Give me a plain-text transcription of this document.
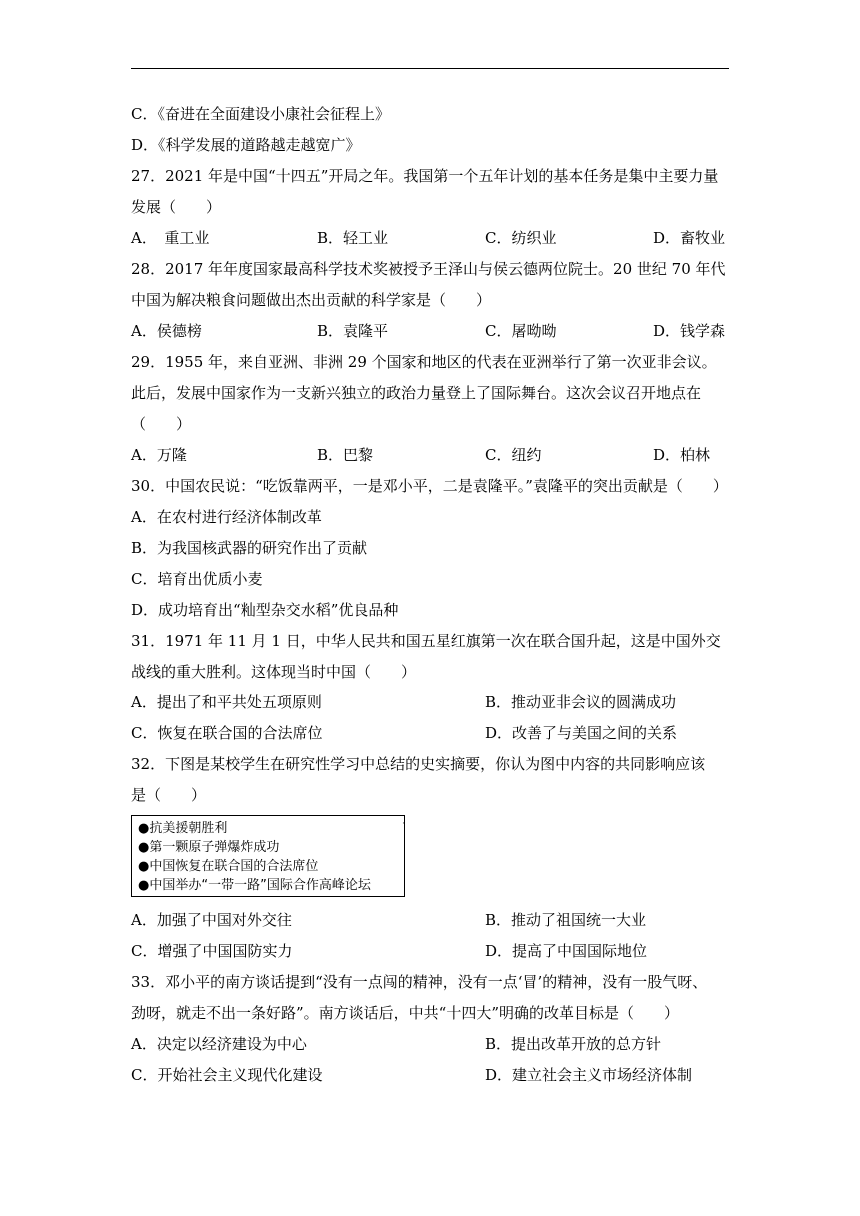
C．《奋进在全面建设小康社会征程上》
D．《科学发展的道路越走越宽广》
27．2021 年是中国“十四五”开局之年。我国第一个五年计划的基本任务是集中主要力量
发展（　　）
A．　重工业	B．轻工业	C．纺织业	D．畜牧业
28．2017 年年度国家最高科学技术奖被授予王泽山与侯云德两位院士。20 世纪 70 年代
中国为解决粮食问题做出杰出贡献的科学家是（　　）
A．侯德榜	B．袁隆平	C．屠呦呦	D．钱学森
29．1955 年，来自亚洲、非洲 29 个国家和地区的代表在亚洲举行了第一次亚非会议。
此后，发展中国家作为一支新兴独立的政治力量登上了国际舞台。这次会议召开地点在
（　　）
A．万隆	B．巴黎	C．纽约	D．柏林
30．中国农民说：“吃饭靠两平，一是邓小平，二是袁隆平。”袁隆平的突出贡献是（　　）
A．在农村进行经济体制改革
B．为我国核武器的研究作出了贡献
C．培育出优质小麦
D．成功培育出“籼型杂交水稻”优良品种
31．1971 年 11 月 1 日，中华人民共和国五星红旗第一次在联合国升起，这是中国外交
战线的重大胜利。这体现当时中国（　　）
A．提出了和平共处五项原则	B．推动亚非会议的圆满成功
C．恢复在联合国的合法席位	D．改善了与美国之间的关系
32．下图是某校学生在研究性学习中总结的史实摘要，你认为图中内容的共同影响应该
是（　　）
●抗美援朝胜利
●第一颗原子弹爆炸成功
●中国恢复在联合国的合法席位
●中国举办“一带一路”国际合作高峰论坛
·
A．加强了中国对外交往	B．推动了祖国统一大业
C．增强了中国国防实力	D．提高了中国国际地位
33．邓小平的南方谈话提到“没有一点闯的精神，没有一点‘冒’的精神，没有一股气呀、
劲呀，就走不出一条好路”。南方谈话后，中共“十四大”明确的改革目标是（　　）
A．决定以经济建设为中心	B．提出改革开放的总方针
C．开始社会主义现代化建设	D．建立社会主义市场经济体制
